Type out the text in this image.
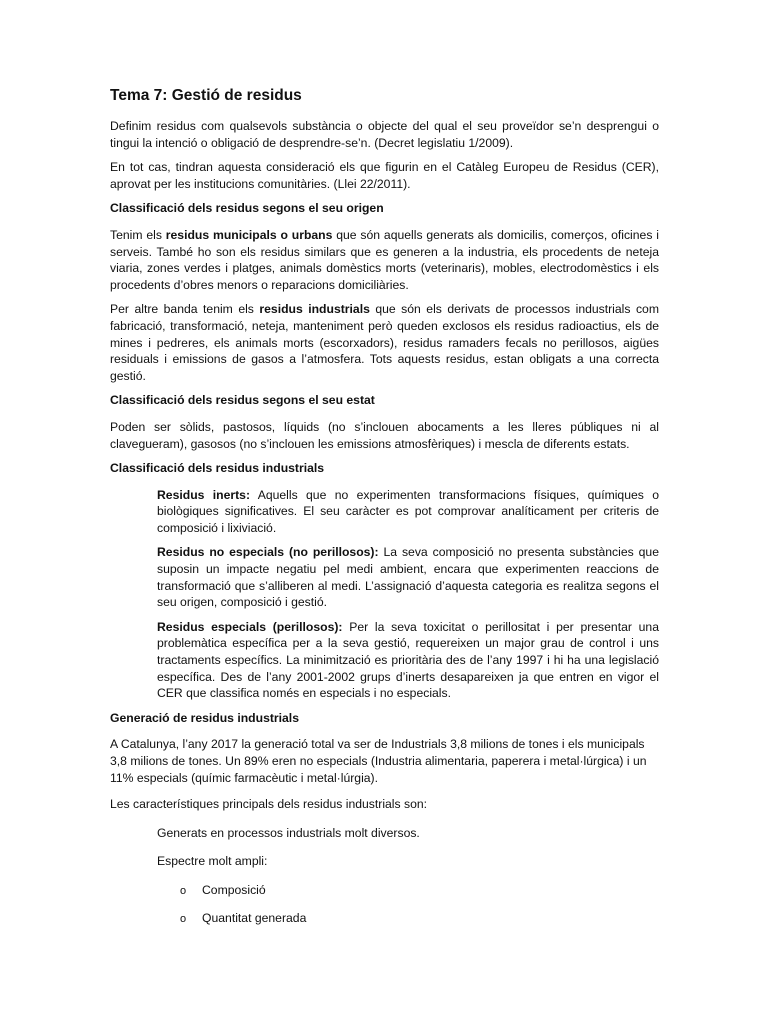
Tema 7: Gestió de residus

Definim residus com qualsevols substància o objecte del qual el seu proveïdor se’n desprengui o tingui la intenció o obligació de desprendre-se’n. (Decret legislatiu 1/2009).

En tot cas, tindran aquesta consideració els que figurin en el Catàleg Europeu de Residus (CER), aprovat per les institucions comunitàries. (Llei 22/2011).

Classificació dels residus segons el seu origen

Tenim els residus municipals o urbans que són aquells generats als domicilis, comerços, oficines i serveis. També ho son els residus similars que es generen a la industria, els procedents de neteja viaria, zones verdes i platges, animals domèstics morts (veterinaris), mobles, electrodomèstics i els procedents d’obres menors o reparacions domiciliàries.

Per altre banda tenim els residus industrials que són els derivats de processos industrials com fabricació, transformació, neteja, manteniment però queden exclosos els residus radioactius, els de mines i pedreres, els animals morts (escorxadors), residus ramaders fecals no perillosos, aigües residuals i emissions de gasos a l’atmosfera. Tots aquests residus, estan obligats a una correcta gestió.

Classificació dels residus segons el seu estat

Poden ser sòlids, pastosos, líquids (no s’inclouen abocaments a les lleres públiques ni al clavegueram), gasosos (no s’inclouen les emissions atmosfèriques) i mescla de diferents estats.

Classificació dels residus industrials

Residus inerts: Aquells que no experimenten transformacions físiques, químiques o biològiques significatives. El seu caràcter es pot comprovar analíticament per criteris de composició i lixiviació.

Residus no especials (no perillosos): La seva composició no presenta substàncies que suposin un impacte negatiu pel medi ambient, encara que experimenten reaccions de transformació que s’alliberen al medi. L’assignació d’aquesta categoria es realitza segons el seu origen, composició i gestió.

Residus especials (perillosos): Per la seva toxicitat o perillositat i per presentar una problemàtica específica per a la seva gestió, requereixen un major grau de control i uns tractaments específics. La minimització es prioritària des de l’any 1997 i hi ha una legislació específica. Des de l’any 2001-2002 grups d’inerts desapareixen ja que entren en vigor el CER que classifica només en especials i no especials.

Generació de residus industrials

A Catalunya, l’any 2017 la generació total va ser de Industrials 3,8 milions de tones i els municipals 3,8 milions de tones. Un 89% eren no especials (Industria alimentaria, paperera i metal·lúrgica) i un 11% especials (químic farmacèutic i metal·lúrgia).

Les característiques principals dels residus industrials son:

Generats en processos industrials molt diversos.

Espectre molt ampli:

o	Composició
o	Quantitat generada
